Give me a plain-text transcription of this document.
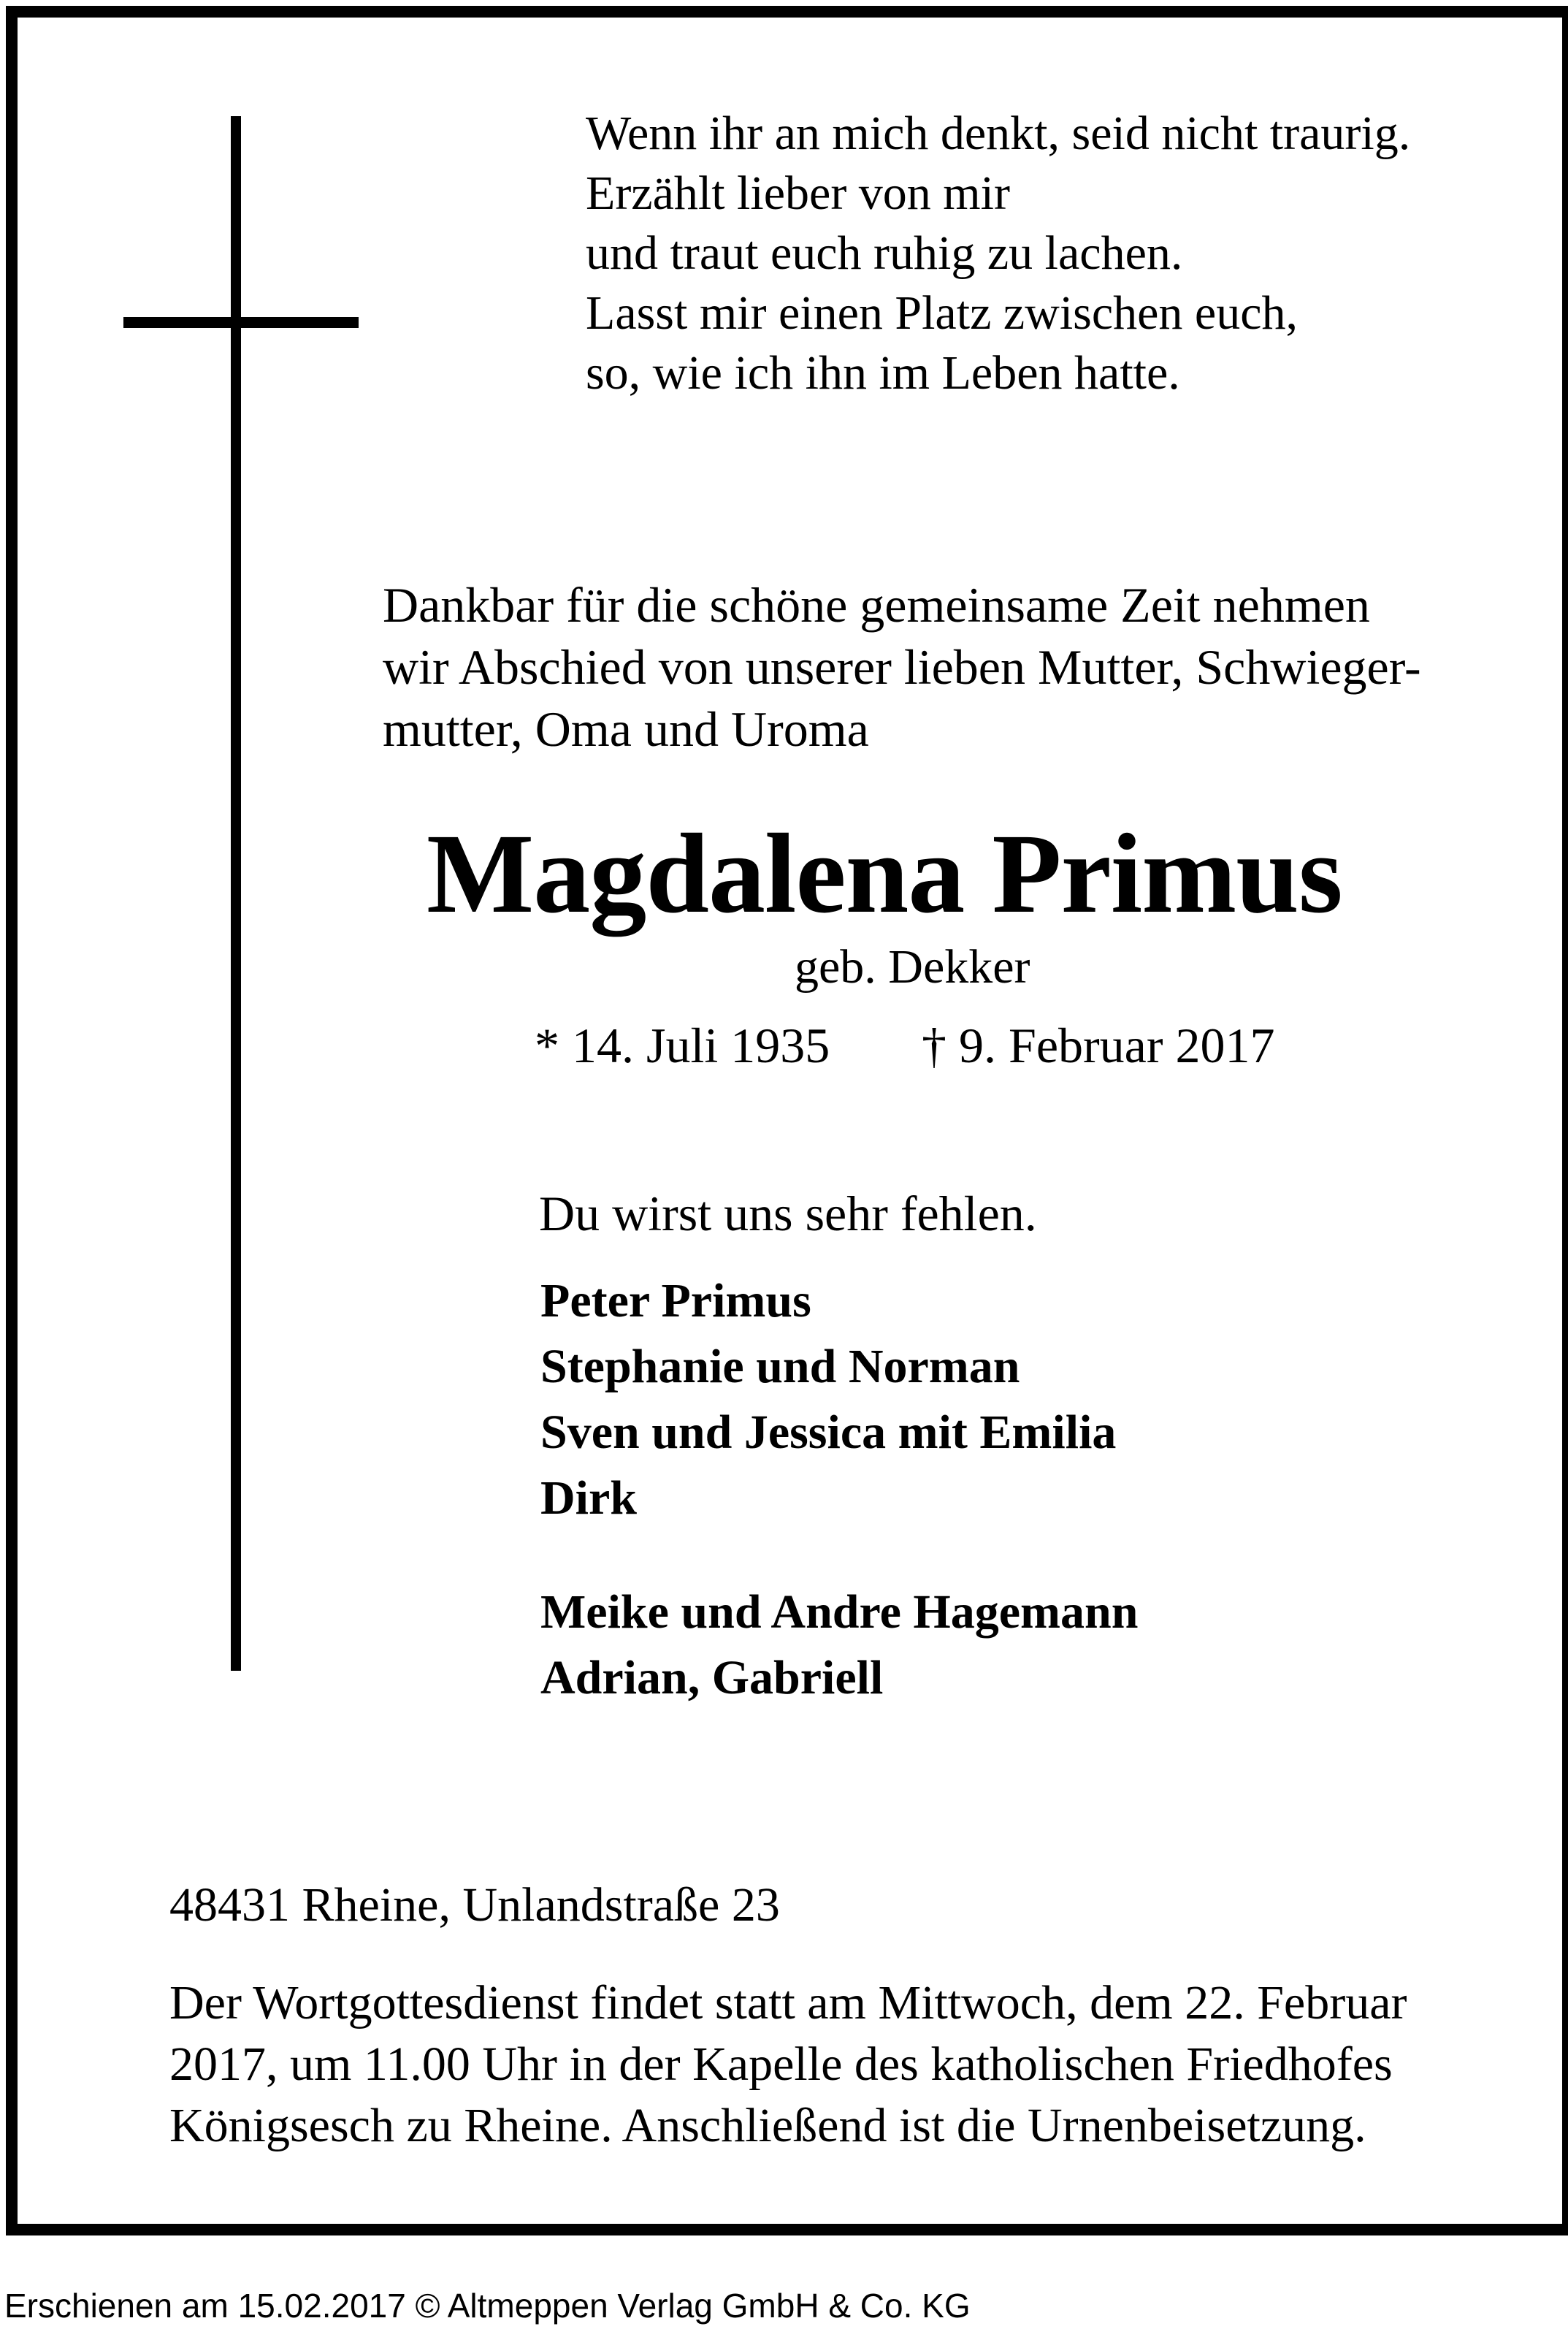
Wenn ihr an mich denkt, seid nicht traurig.
Erzählt lieber von mir
und traut euch ruhig zu lachen.
Lasst mir einen Platz zwischen euch,
so, wie ich ihn im Leben hatte.
Dankbar für die schöne gemeinsame Zeit nehmen
wir Abschied von unserer lieben Mutter, Schwieger-
mutter, Oma und Uroma
Magdalena Primus
geb. Dekker
* 14. Juli 1935 † 9. Februar 2017
Du wirst uns sehr fehlen.
Peter Primus
Stephanie und Norman
Sven und Jessica mit Emilia
Dirk
Meike und Andre Hagemann
Adrian, Gabriell
48431 Rheine, Unlandstraße 23
Der Wortgottesdienst findet statt am Mittwoch, dem 22. Februar
2017, um 11.00 Uhr in der Kapelle des katholischen Friedhofes
Königsesch zu Rheine. Anschließend ist die Urnenbeisetzung.
Erschienen am 15.02.2017 © Altmeppen Verlag GmbH & Co. KG
